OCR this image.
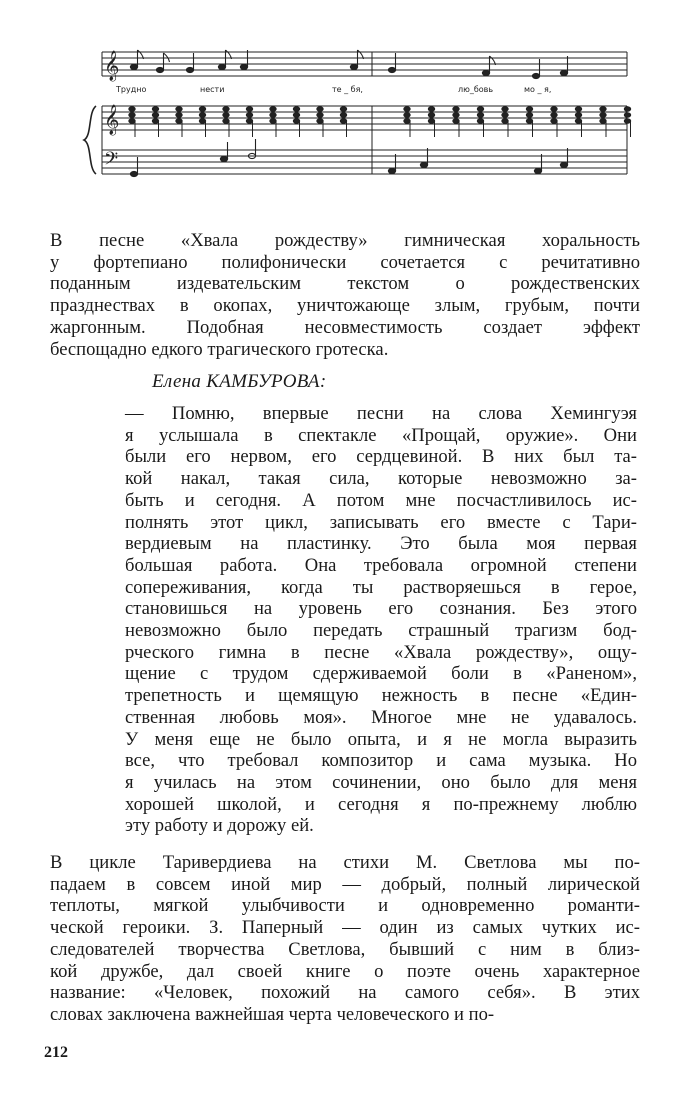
𝄞
𝄞
𝄢
Трудно	нести	те _ бя,	лю_бовь	мо _ я,

В песне «Хвала рождеству» гимническая хоральность
у фортепиано полифонически сочетается с речитативно
поданным издевательским текстом о рождественских
празднествах в окопах, уничтожающе злым, грубым, почти
жаргонным. Подобная несовместимость создает эффект
беспощадно едкого трагического гротеска.

Елена КАМБУРОВА:

— Помню, впервые песни на слова Хемингуэя
я услышала в спектакле «Прощай, оружие». Они
были его нервом, его сердцевиной. В них был та-
кой накал, такая сила, которые невозможно за-
быть и сегодня. А потом мне посчастливилось ис-
полнять этот цикл, записывать его вместе с Тари-
вердиевым на пластинку. Это была моя первая
большая работа. Она требовала огромной степени
сопереживания, когда ты растворяешься в герое,
становишься на уровень его сознания. Без этого
невозможно было передать страшный трагизм бод-
рческого гимна в песне «Хвала рождеству», ощу-
щение с трудом сдерживаемой боли в «Раненом»,
трепетность и щемящую нежность в песне «Един-
ственная любовь моя». Многое мне не удавалось.
У меня еще не было опыта, и я не могла выразить
все, что требовал композитор и сама музыка. Но
я училась на этом сочинении, оно было для меня
хорошей школой, и сегодня я по-прежнему люблю
эту работу и дорожу ей.

В цикле Таривердиева на стихи М. Светлова мы по-
падаем в совсем иной мир — добрый, полный лирической
теплоты, мягкой улыбчивости и одновременно романти-
ческой героики. З. Паперный — один из самых чутких ис-
следователей творчества Светлова, бывший с ним в близ-
кой дружбе, дал своей книге о поэте очень характерное
название: «Человек, похожий на самого себя». В этих
словах заключена важнейшая черта человеческого и по-

212
